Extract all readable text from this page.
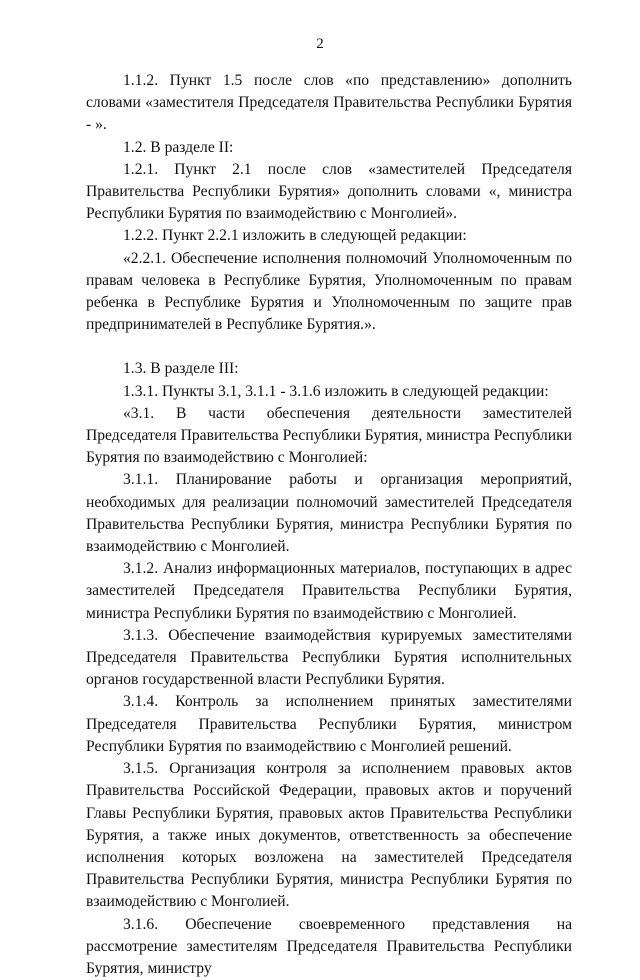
2

1.1.2. Пункт 1.5 после слов «по представлению» дополнить словами «заместителя Председателя Правительства Республики Бурятия - ».

1.2. В разделе II:

1.2.1. Пункт 2.1 после слов «заместителей Председателя Правительства Республики Бурятия» дополнить словами «, министра Республики Бурятия по взаимодействию с Монголией».

1.2.2. Пункт 2.2.1 изложить в следующей редакции:

«2.2.1. Обеспечение исполнения полномочий Уполномоченным по правам человека в Республике Бурятия, Уполномоченным по правам ребенка в Республике Бурятия и Уполномоченным по защите прав предпринимателей в Республике Бурятия.».

1.3. В разделе III:

1.3.1. Пункты 3.1, 3.1.1 - 3.1.6 изложить в следующей редакции:

«3.1. В части обеспечения деятельности заместителей Председателя Правительства Республики Бурятия, министра Республики Бурятия по взаимодействию с Монголией:

3.1.1. Планирование работы и организация мероприятий, необходимых для реализации полномочий заместителей Председателя Правительства Республики Бурятия, министра Республики Бурятия по взаимодействию с Монголией.

3.1.2. Анализ информационных материалов, поступающих в адрес заместителей Председателя Правительства Республики Бурятия, министра Республики Бурятия по взаимодействию с Монголией.

3.1.3. Обеспечение взаимодействия курируемых заместителями Председателя Правительства Республики Бурятия исполнительных органов государственной власти Республики Бурятия.

3.1.4. Контроль за исполнением принятых заместителями Председателя Правительства Республики Бурятия, министром Республики Бурятия по взаимодействию с Монголией решений.

3.1.5. Организация контроля за исполнением правовых актов Правительства Российской Федерации, правовых актов и поручений Главы Республики Бурятия, правовых актов Правительства Республики Бурятия, а также иных документов, ответственность за обеспечение исполнения которых возложена на заместителей Председателя Правительства Республики Бурятия, министра Республики Бурятия по взаимодействию с Монголией.

3.1.6. Обеспечение своевременного представления на рассмотрение заместителям Председателя Правительства Республики Бурятия, министру
